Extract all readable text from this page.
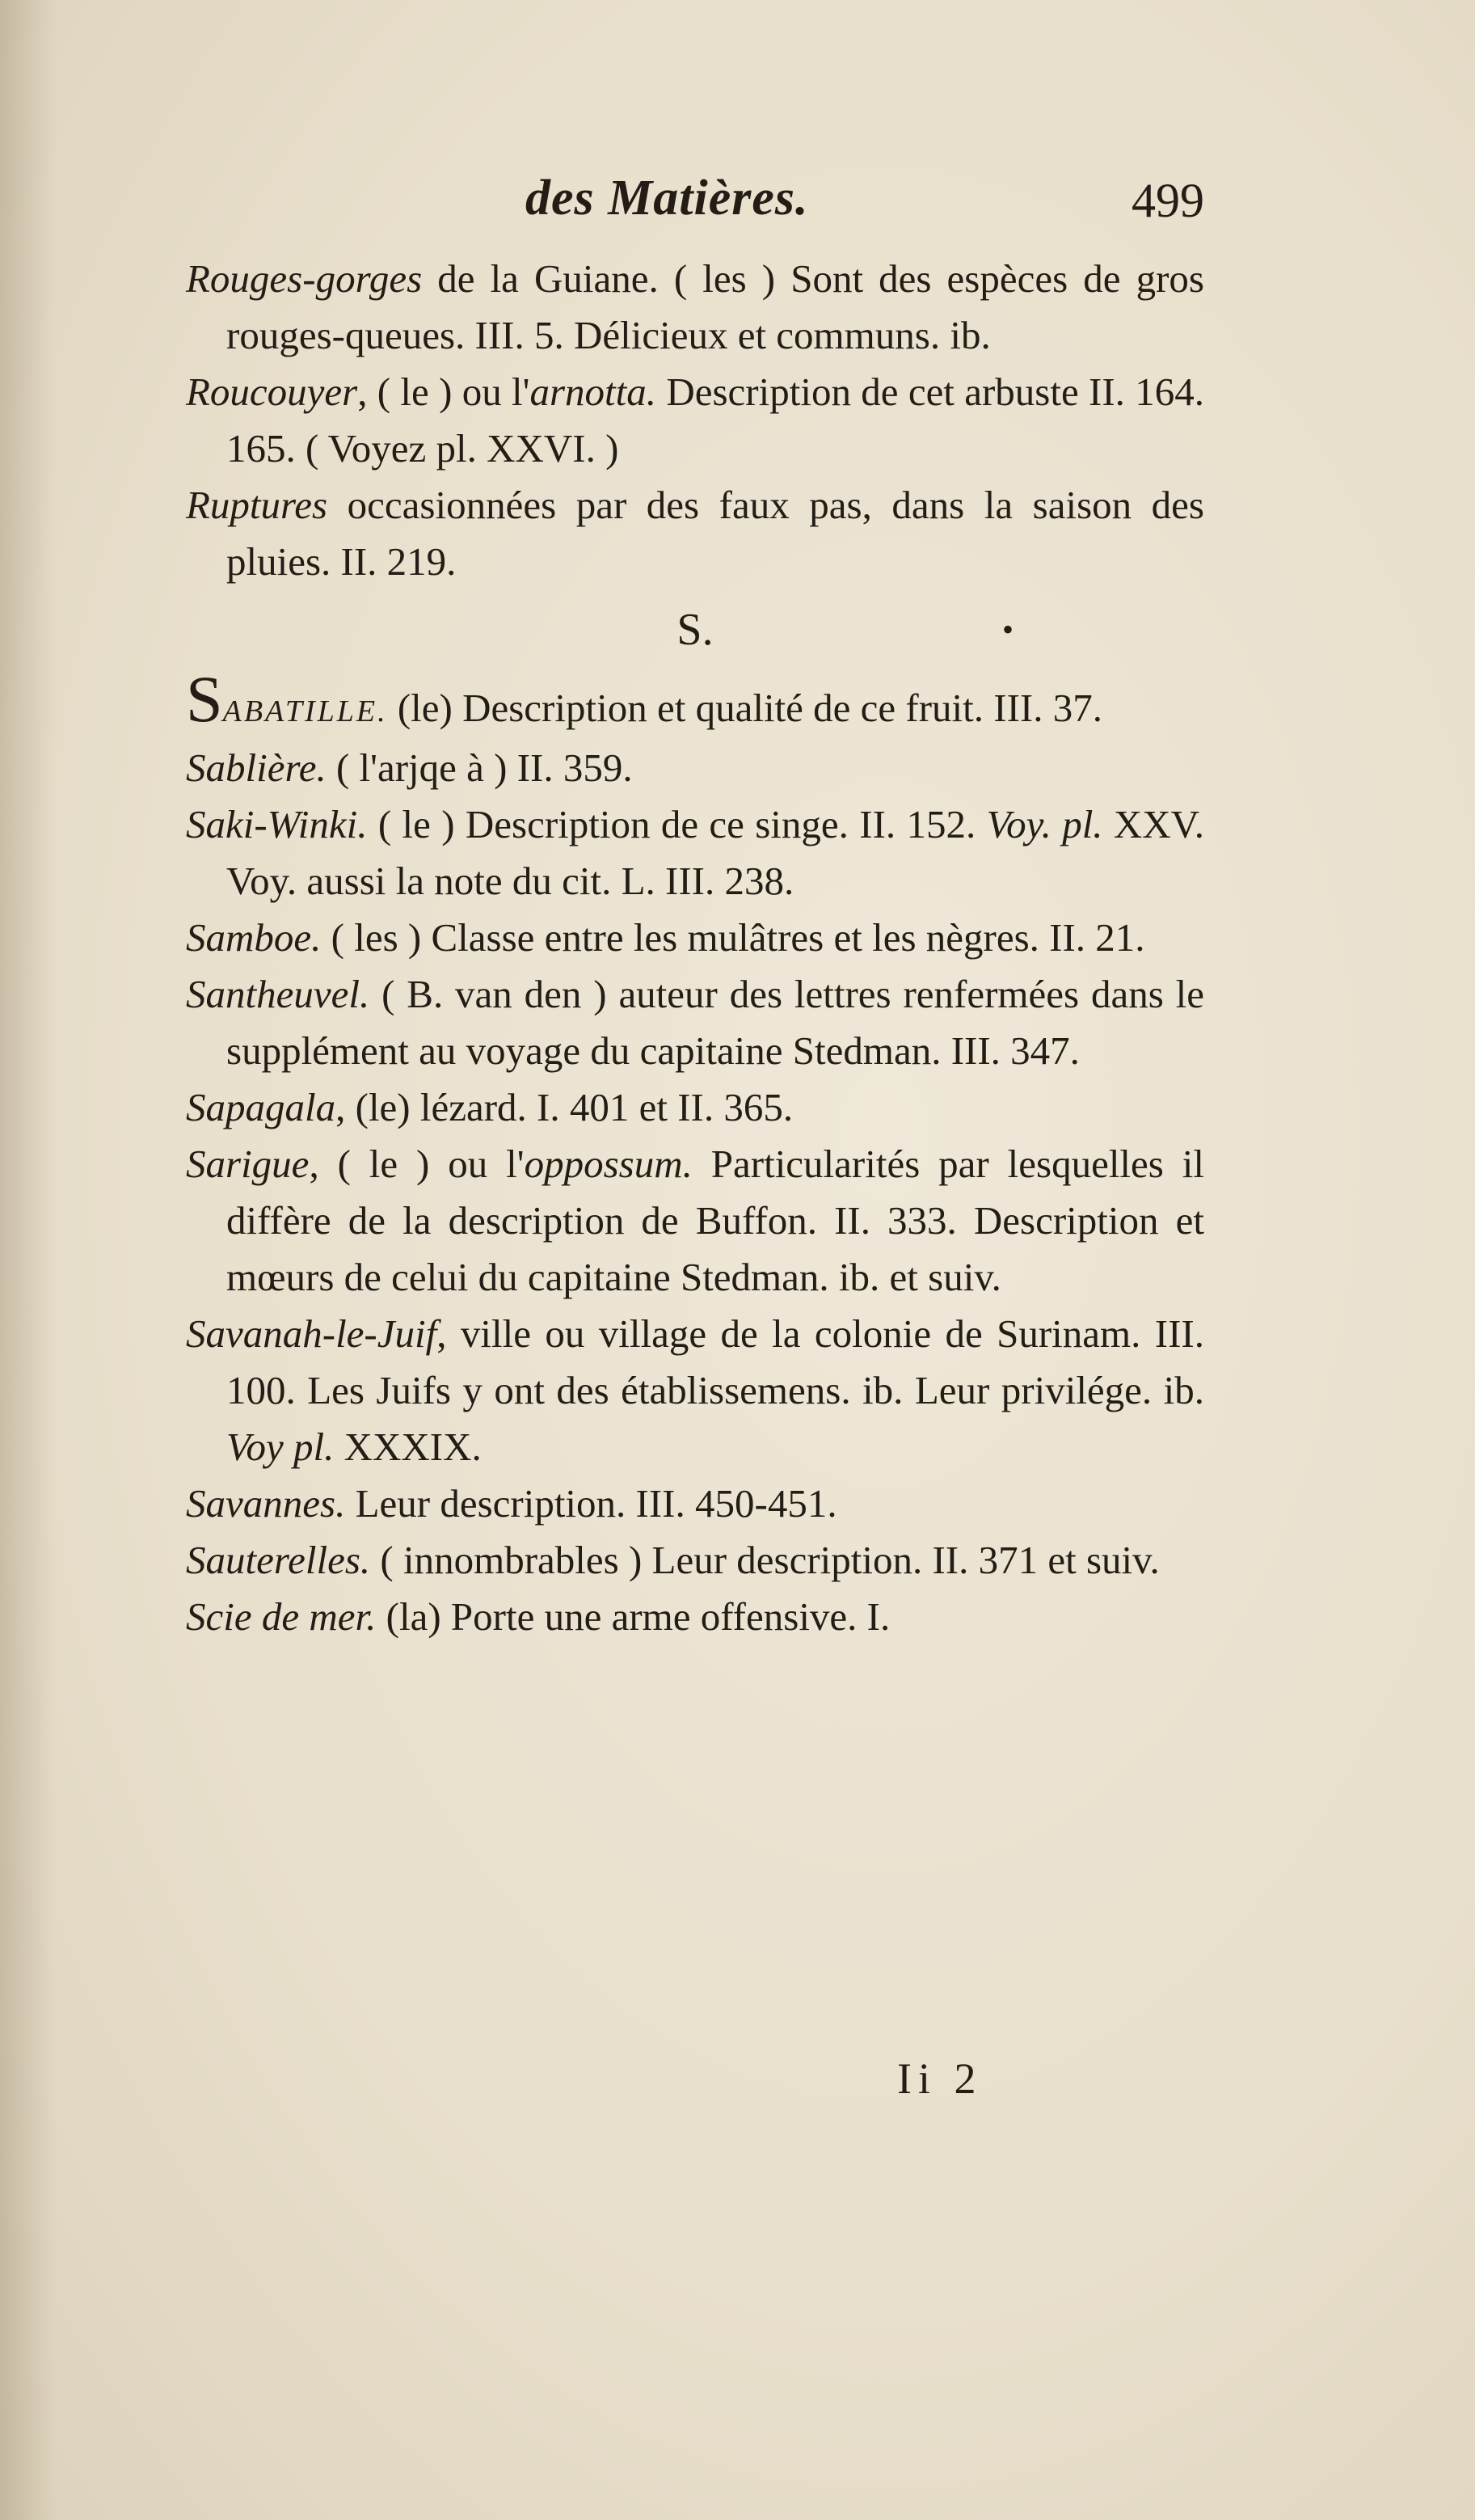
des Matières.	499

Rouges-gorges de la Guiane. ( les ) Sont des espèces de gros rouges-queues. III. 5. Délicieux et communs. ib.

Roucouyer, ( le ) ou l'arnotta. Description de cet arbuste II. 164. 165. ( Voyez pl. XXVI. )

Ruptures occasionnées par des faux pas, dans la saison des pluies. II. 219.

S.	•

SABATILLE. (le) Description et qualité de ce fruit. III. 37.

Sablière. ( l'arjqe à ) II. 359.

Saki-Winki. ( le ) Description de ce singe. II. 152. Voy. pl. XXV. Voy. aussi la note du cit. L. III. 238.

Samboe. ( les ) Classe entre les mulâtres et les nègres. II. 21.

Santheuvel. ( B. van den ) auteur des lettres renfermées dans le supplément au voyage du capitaine Stedman. III. 347.

Sapagala, (le) lézard. I. 401 et II. 365.

Sarigue, ( le ) ou l'oppossum. Particularités par lesquelles il diffère de la description de Buffon. II. 333. Description et mœurs de celui du capitaine Stedman. ib. et suiv.

Savanah-le-Juif, ville ou village de la colonie de Surinam. III. 100. Les Juifs y ont des établissemens. ib. Leur privilége. ib. Voy pl. XXXIX.

Savannes. Leur description. III. 450-451.

Sauterelles. ( innombrables ) Leur description. II. 371 et suiv.

Scie de mer. (la) Porte une arme offensive. I.

Ii 2
